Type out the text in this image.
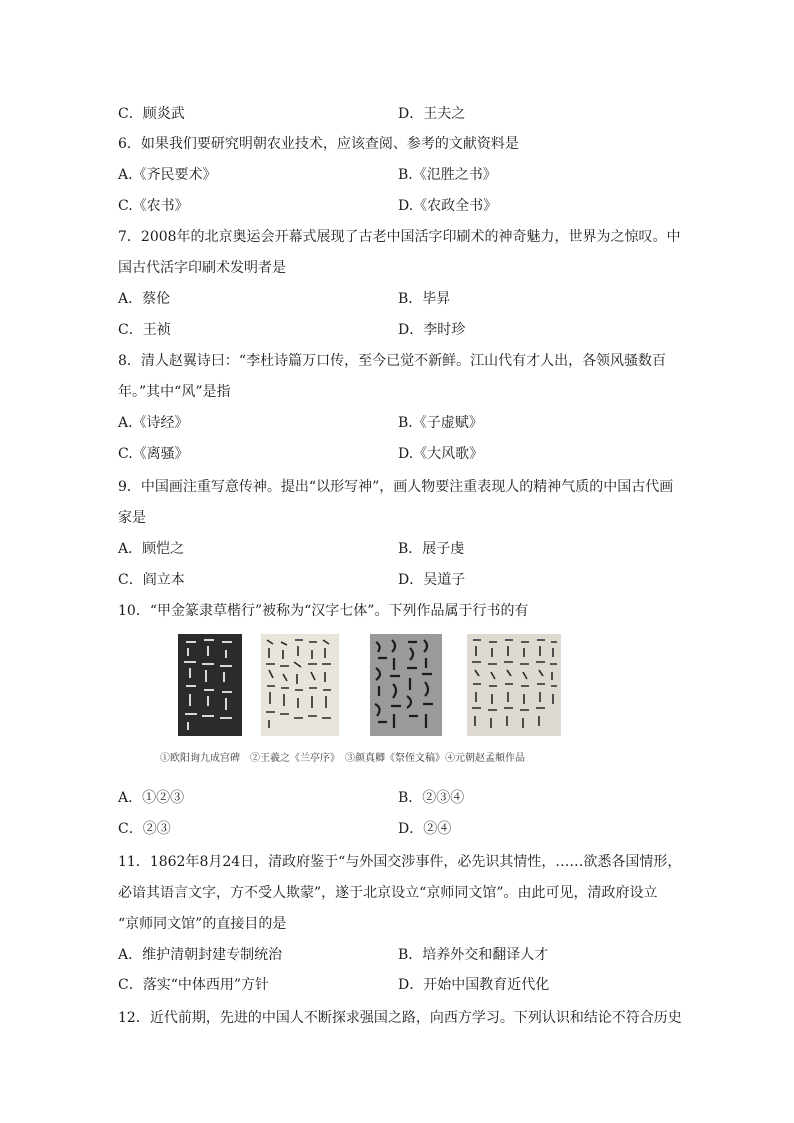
C．顾炎武	D．王夫之
6．如果我们要研究明朝农业技术，应该查阅、参考的文献资料是
A.《齐民要术》	B.《氾胜之书》
C.《农书》	D.《农政全书》
7．2008年的北京奥运会开幕式展现了古老中国活字印刷术的神奇魅力，世界为之惊叹。中
国古代活字印刷术发明者是
A．蔡伦	B．毕昇
C．王祯	D．李时珍
8．清人赵翼诗曰：“李杜诗篇万口传，至今已觉不新鲜。江山代有才人出，各领风骚数百
年。”其中“风”是指
A.《诗经》	B.《子虚赋》
C.《离骚》	D.《大风歌》
9．中国画注重写意传神。提出“以形写神”，画人物要注重表现人的精神气质的中国古代画
家是
A．顾恺之	B．展子虔
C．阎立本	D．吴道子
10．“甲金篆隶草楷行”被称为“汉字七体”。下列作品属于行书的有
①欧阳询九成宫碑　②王羲之《兰亭序》　③颜真卿《祭侄文稿》④元朝赵孟頫作品
A．①②③	B．②③④
C．②③	D．②④
11．1862年8月24日，清政府鉴于“与外国交涉事件，必先识其情性，……欲悉各国情形，
必谙其语言文字，方不受人欺蒙”，遂于北京设立“京师同文馆”。由此可见，清政府设立
“京师同文馆”的直接目的是
A．维护清朝封建专制统治	B．培养外交和翻译人才
C．落实“中体西用”方针	D．开始中国教育近代化
12．近代前期，先进的中国人不断探求强国之路，向西方学习。下列认识和结论不符合历史
